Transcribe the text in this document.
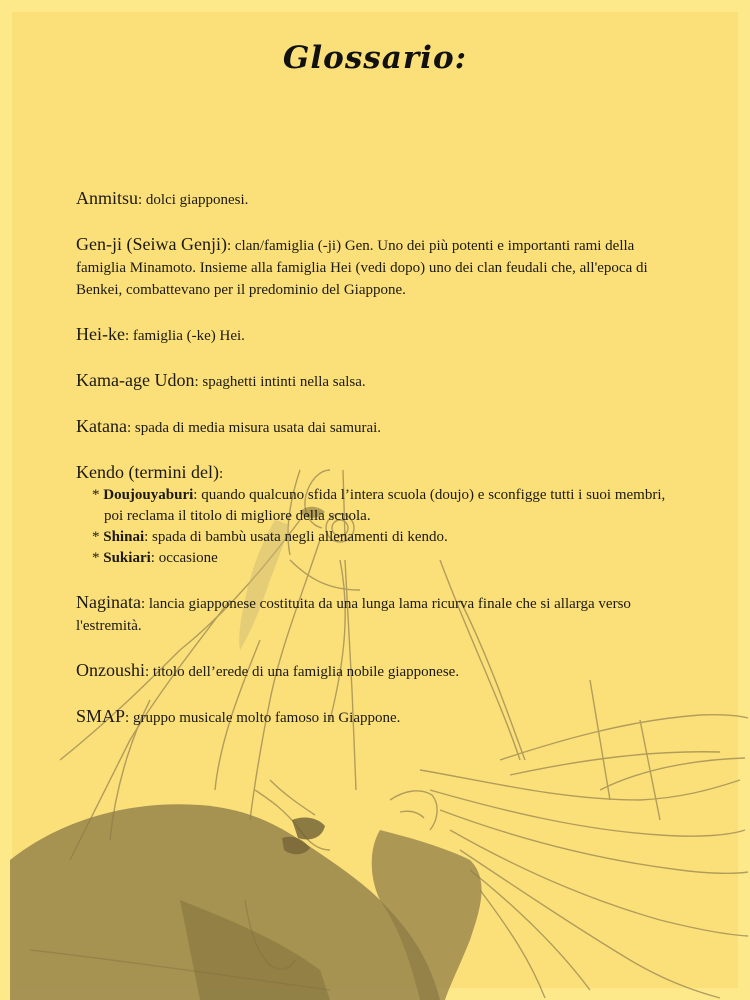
Glossario:

Anmitsu: dolci giapponesi.

Gen-ji (Seiwa Genji): clan/famiglia (-ji) Gen. Uno dei più potenti e importanti rami della famiglia Minamoto. Insieme alla famiglia Hei (vedi dopo) uno dei clan feudali che, all'epoca di Benkei, combattevano per il predominio del Giappone.

Hei-ke: famiglia (-ke) Hei.

Kama-age Udon: spaghetti intinti nella salsa.

Katana: spada di media misura usata dai samurai.

Kendo (termini del):
* Doujouyaburi: quando qualcuno sfida l’intera scuola (doujo) e sconfigge tutti i suoi membri, poi reclama il titolo di migliore della scuola.
* Shinai: spada di bambù usata negli allenamenti di kendo.
* Sukiari: occasione

Naginata: lancia giapponese costituita da una lunga lama ricurva finale che si allarga verso l'estremità.

Onzoushi: titolo dell’erede di una famiglia nobile giapponese.

SMAP: gruppo musicale molto famoso in Giappone.
